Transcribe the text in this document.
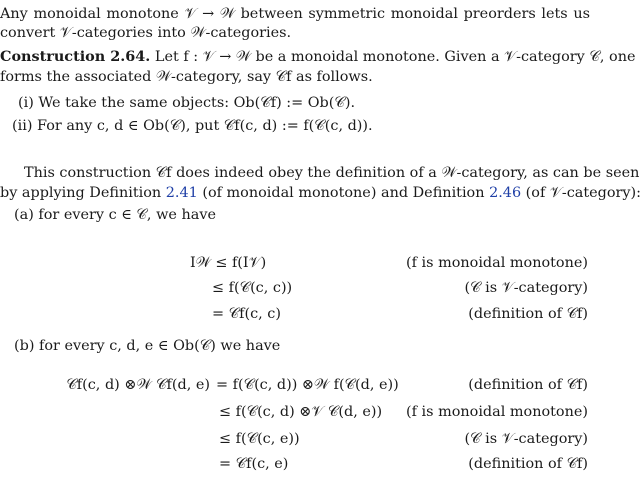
Any monoidal monotone 𝒱 → 𝒲 between symmetric monoidal preorders lets us
convert 𝒱-categories into 𝒲-categories.
Construction 2.64. Let f : 𝒱 → 𝒲 be a monoidal monotone. Given a 𝒱-category 𝒞, one
forms the associated 𝒲-category, say 𝒞f as follows.
(i) We take the same objects: Ob(𝒞f) := Ob(𝒞).
(ii) For any c, d ∈ Ob(𝒞), put 𝒞f(c, d) := f(𝒞(c, d)).
This construction 𝒞f does indeed obey the definition of a 𝒲-category, as can be seen
by applying Definition 2.41 (of monoidal monotone) and Definition 2.46 (of 𝒱-category):
(a) for every c ∈ 𝒞, we have
I𝒲 ≤ f(I𝒱)	(f is monoidal monotone)
≤ f(𝒞(c, c))	(𝒞 is 𝒱-category)
= 𝒞f(c, c)	(definition of 𝒞f)
(b) for every c, d, e ∈ Ob(𝒞) we have
𝒞f(c, d) ⊗𝒲 𝒞f(d, e) = f(𝒞(c, d)) ⊗𝒲 f(𝒞(d, e))	(definition of 𝒞f)
≤ f(𝒞(c, d) ⊗𝒱 𝒞(d, e)) (f is monoidal monotone)
≤ f(𝒞(c, e))	(𝒞 is 𝒱-category)
= 𝒞f(c, e)	(definition of 𝒞f)
